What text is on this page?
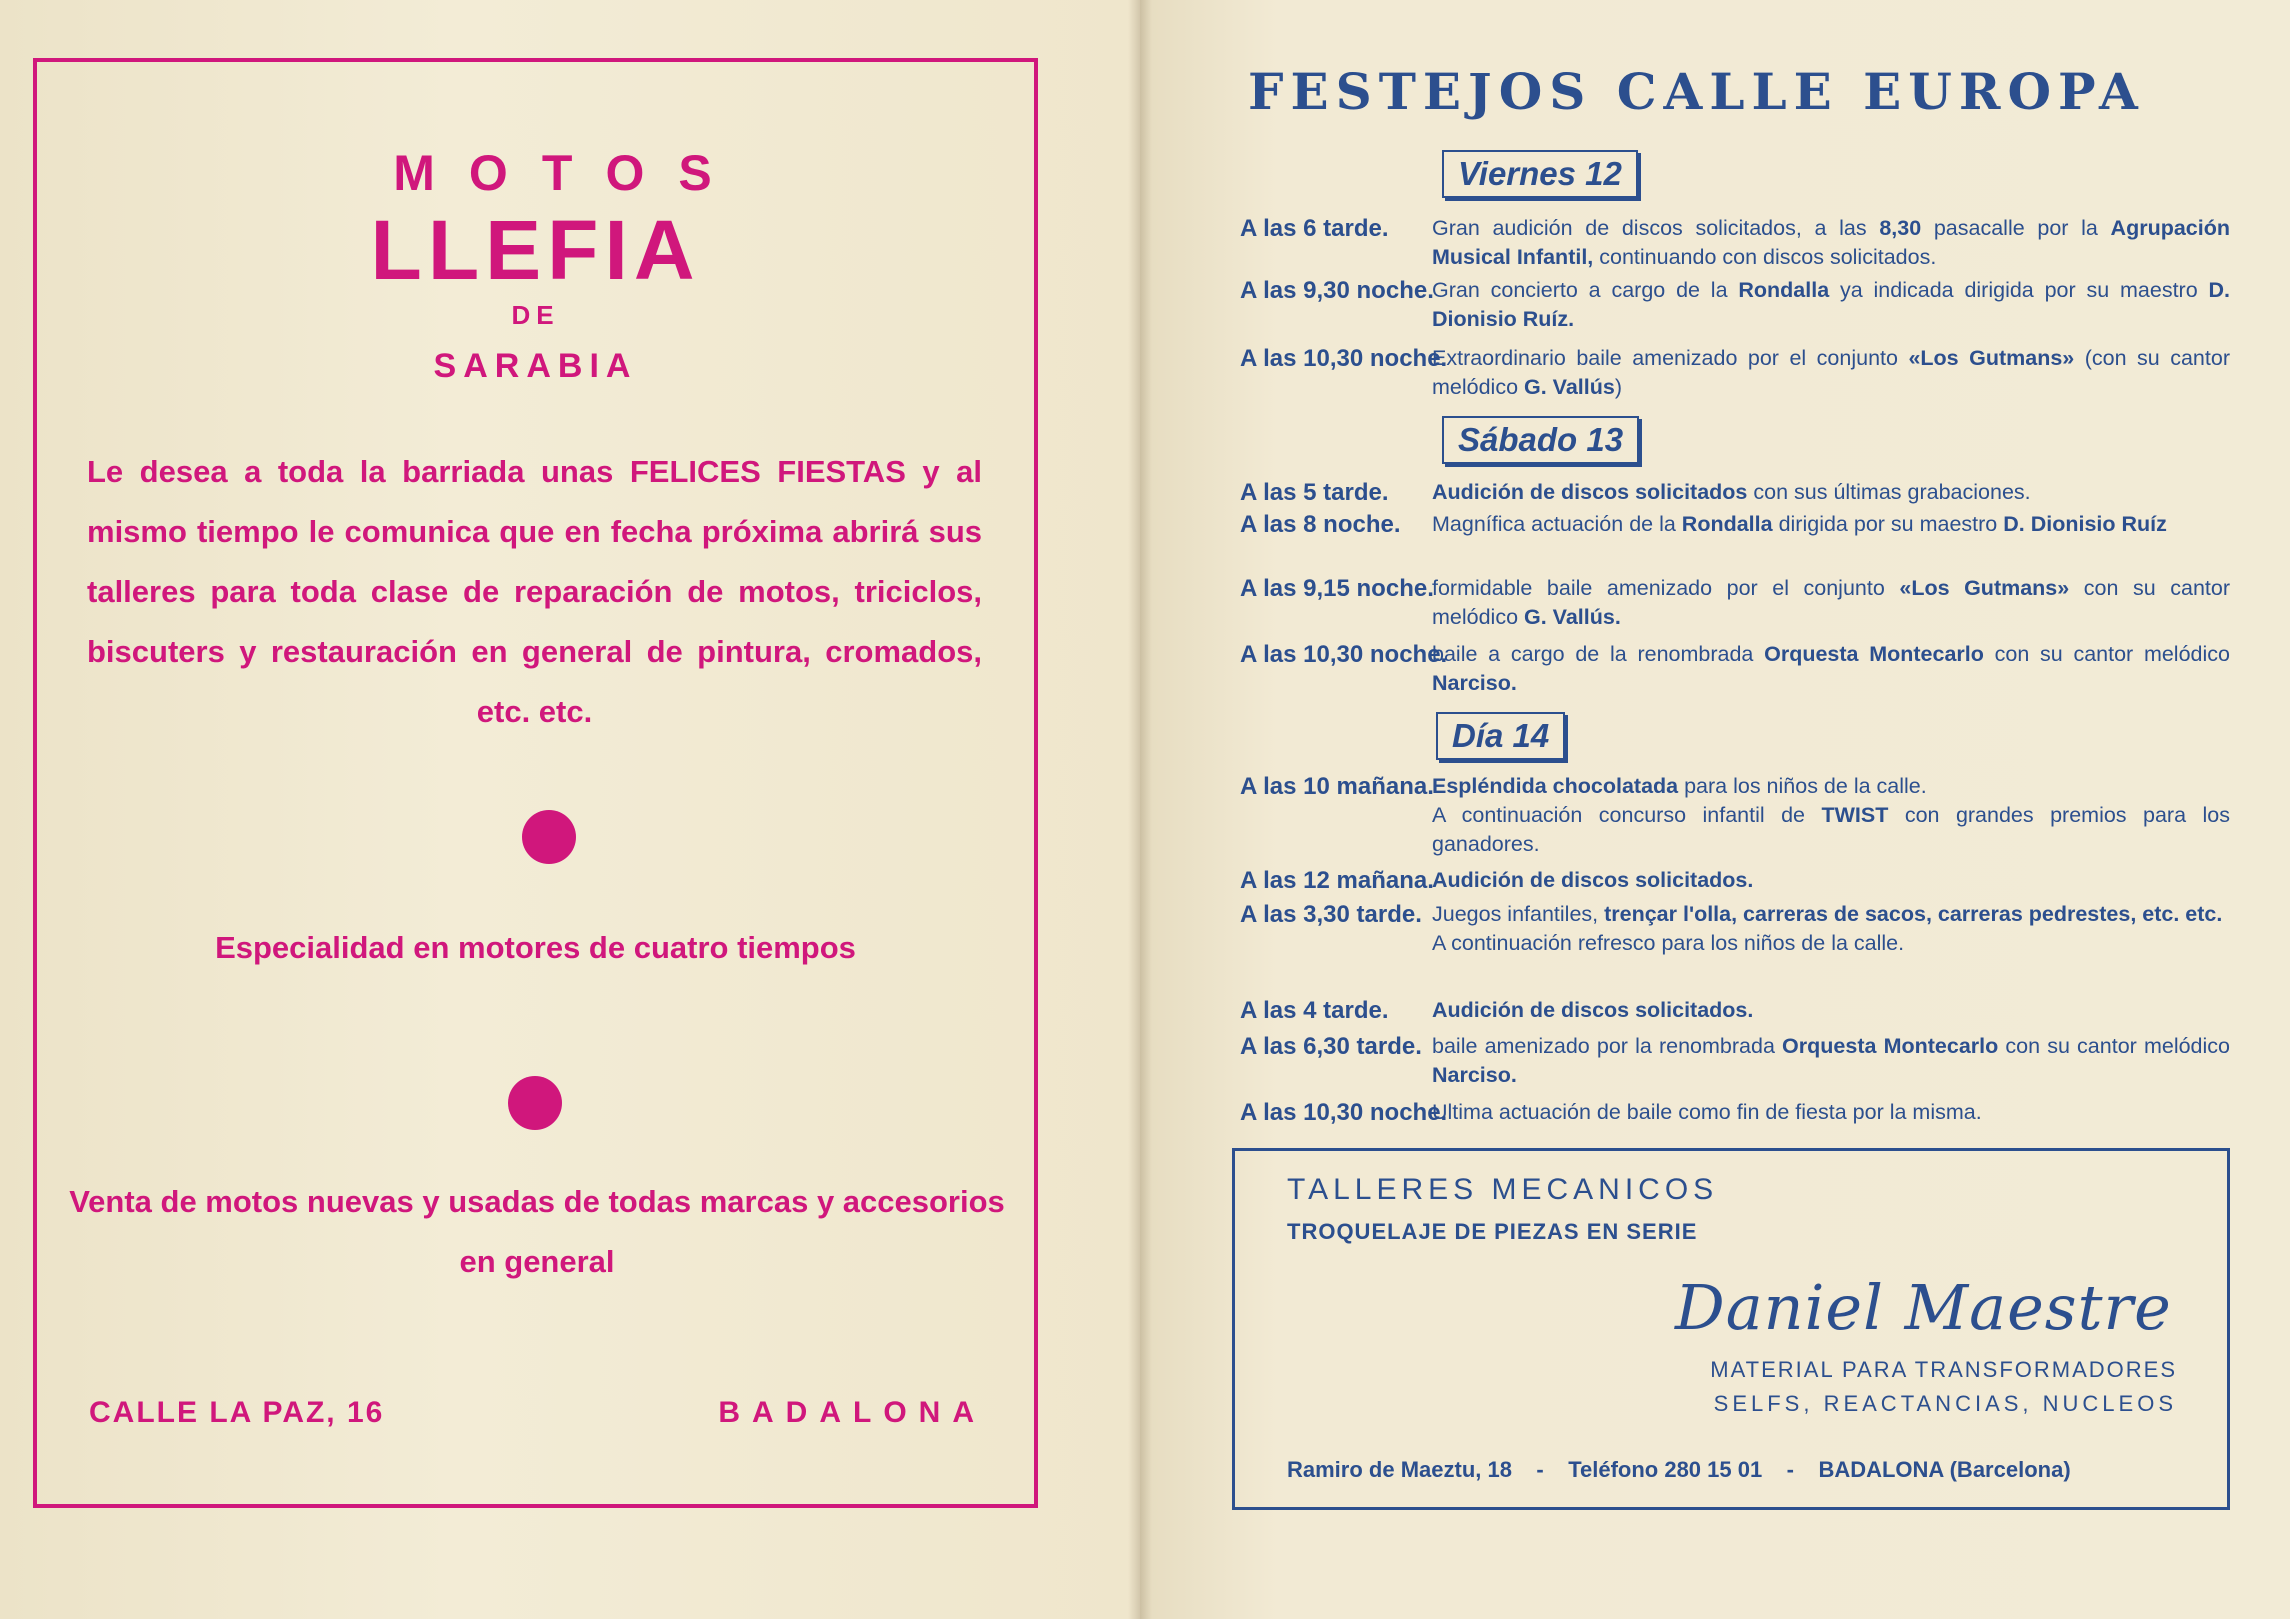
MOTOS
LLEFIA
DE
SARABIA
Le desea a toda la barriada unas FELICES FIESTAS y al mismo tiempo le comunica que en fecha próxima abrirá sus talleres para toda clase de reparación de motos, triciclos, biscuters y restauración en general de pintura, cromados, etc. etc.
Especialidad en motores de cuatro tiempos
Venta de motos nuevas y usadas de todas marcas y accesorios en general
CALLE LA PAZ, 16	BADALONA
FESTEJOS CALLE EUROPA
Viernes 12
A las 6 tarde. Gran audición de discos solicitados, a las 8,30 pasacalle por la Agrupación Musical Infantil, continuando con discos solicitados.
A las 9,30 noche.
Gran concierto a cargo de la Rondalla ya indicada dirigida por su maestro D. Dionisio Ruíz.
A las 10,30 noche.
Extraordinario baile amenizado por el conjunto «Los Gutmans» (con su cantor melódico G. Vallús)
Sábado 13
A las 5 tarde. Audición de discos solicitados con sus últimas grabaciones.
A las 8 noche. Magnífica actuación de la Rondalla dirigida por su maestro D. Dionisio Ruíz
A las 9,15 noche.
formidable baile amenizado por el conjunto «Los Gutmans» con su cantor melódico G. Vallús.
A las 10,30 noche.
baile a cargo de la renombrada Orquesta Montecarlo con su cantor melódico Narciso.
Día 14
A las 10 mañana.
Espléndida chocolatada para los niños de la calle.
A continuación concurso infantil de TWIST con grandes premios para los ganadores.
A las 12 mañana.
Audición de discos solicitados.
A las 3,30 tarde. Juegos infantiles, trençar l'olla, carreras de sacos, carreras pedrestes, etc. etc.
A continuación refresco para los niños de la calle.
A las 4 tarde. Audición de discos solicitados.
A las 6,30 tarde. baile amenizado por la renombrada Orquesta Montecarlo con su cantor melódico Narciso.
A las 10,30 noche.
Ultima actuación de baile como fin de fiesta por la misma.
TALLERES MECANICOS
TROQUELAJE DE PIEZAS EN SERIE
Daniel Maestre
MATERIAL PARA TRANSFORMADORES
SELFS, REACTANCIAS, NUCLEOS
Ramiro de Maeztu, 18 - Teléfono 280 15 01 - BADALONA (Barcelona)
